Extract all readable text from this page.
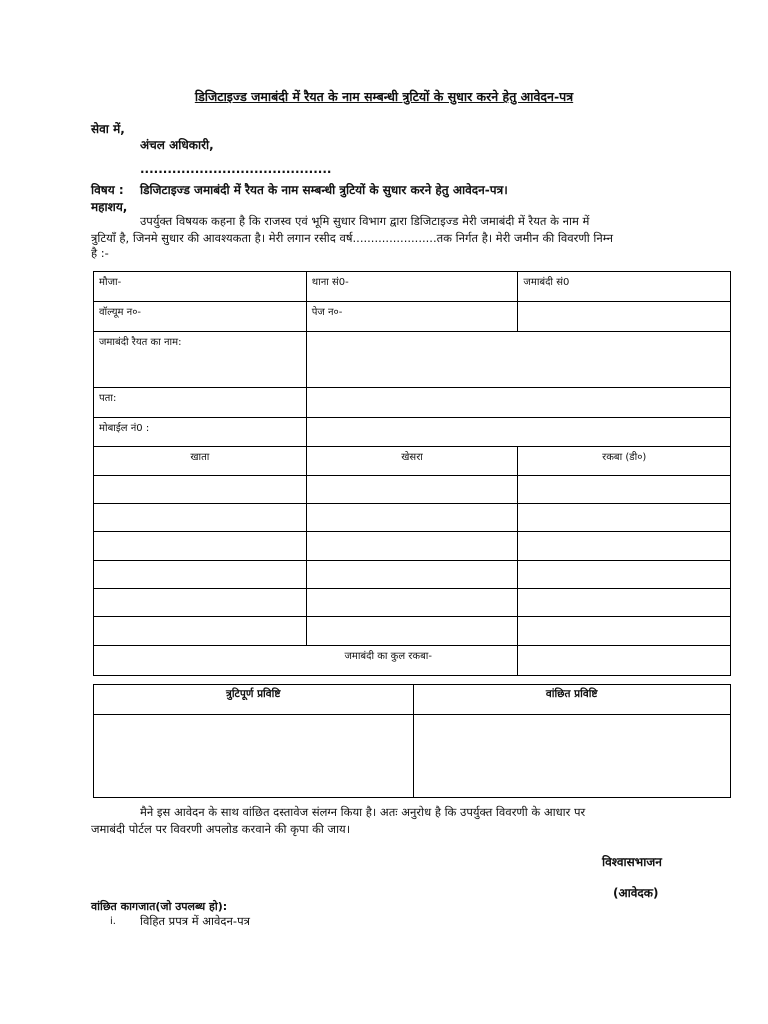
डिजिटाइज्ड जमाबंदी में रैयत के नाम सम्बन्धी त्रुटियों के सुधार करने हेतु आवेदन-पत्र
सेवा में,
अंचल अधिकारी,
..........................................
विषय : डिजिटाइज्ड जमाबंदी में रैयत के नाम सम्बन्धी त्रुटियों के सुधार करने हेतु आवेदन-पत्र।
महाशय,
उपर्युक्त विषयक कहना है कि राजस्व एवं भूमि सुधार विभाग द्वारा डिजिटाइज्ड मेरी जमाबंदी में रैयत के नाम में
त्रुटियाँ है, जिनमे सुधार की आवश्यकता है। मेरी लगान रसीद वर्ष.......................तक निर्गत है। मेरी जमीन की विवरणी निम्न
है :-
मौजा-	थाना सं0-	जमाबंदी सं0
वॉल्यूम न०-	पेज न०-	
जमाबंदी रैयत का नाम:		
पता:		
मोबाईल नं0 :		
खाता	खेसरा	रकबा (डी०)

जमाबंदी का कुल रकबा-		
त्रुटिपूर्ण प्रविष्टि	वांछित प्रविष्टि

मैने इस आवेदन के साथ वांछित दस्तावेज संलग्न किया है। अतः अनुरोध है कि उपर्युक्त विवरणी के आधार पर
जमाबंदी पोर्टल पर विवरणी अपलोड करवाने की कृपा की जाय।
विश्वासभाजन
(आवेदक)
वांछित कागजात(जो उपलब्ध हो):
i. विहित प्रपत्र में आवेदन-पत्र
